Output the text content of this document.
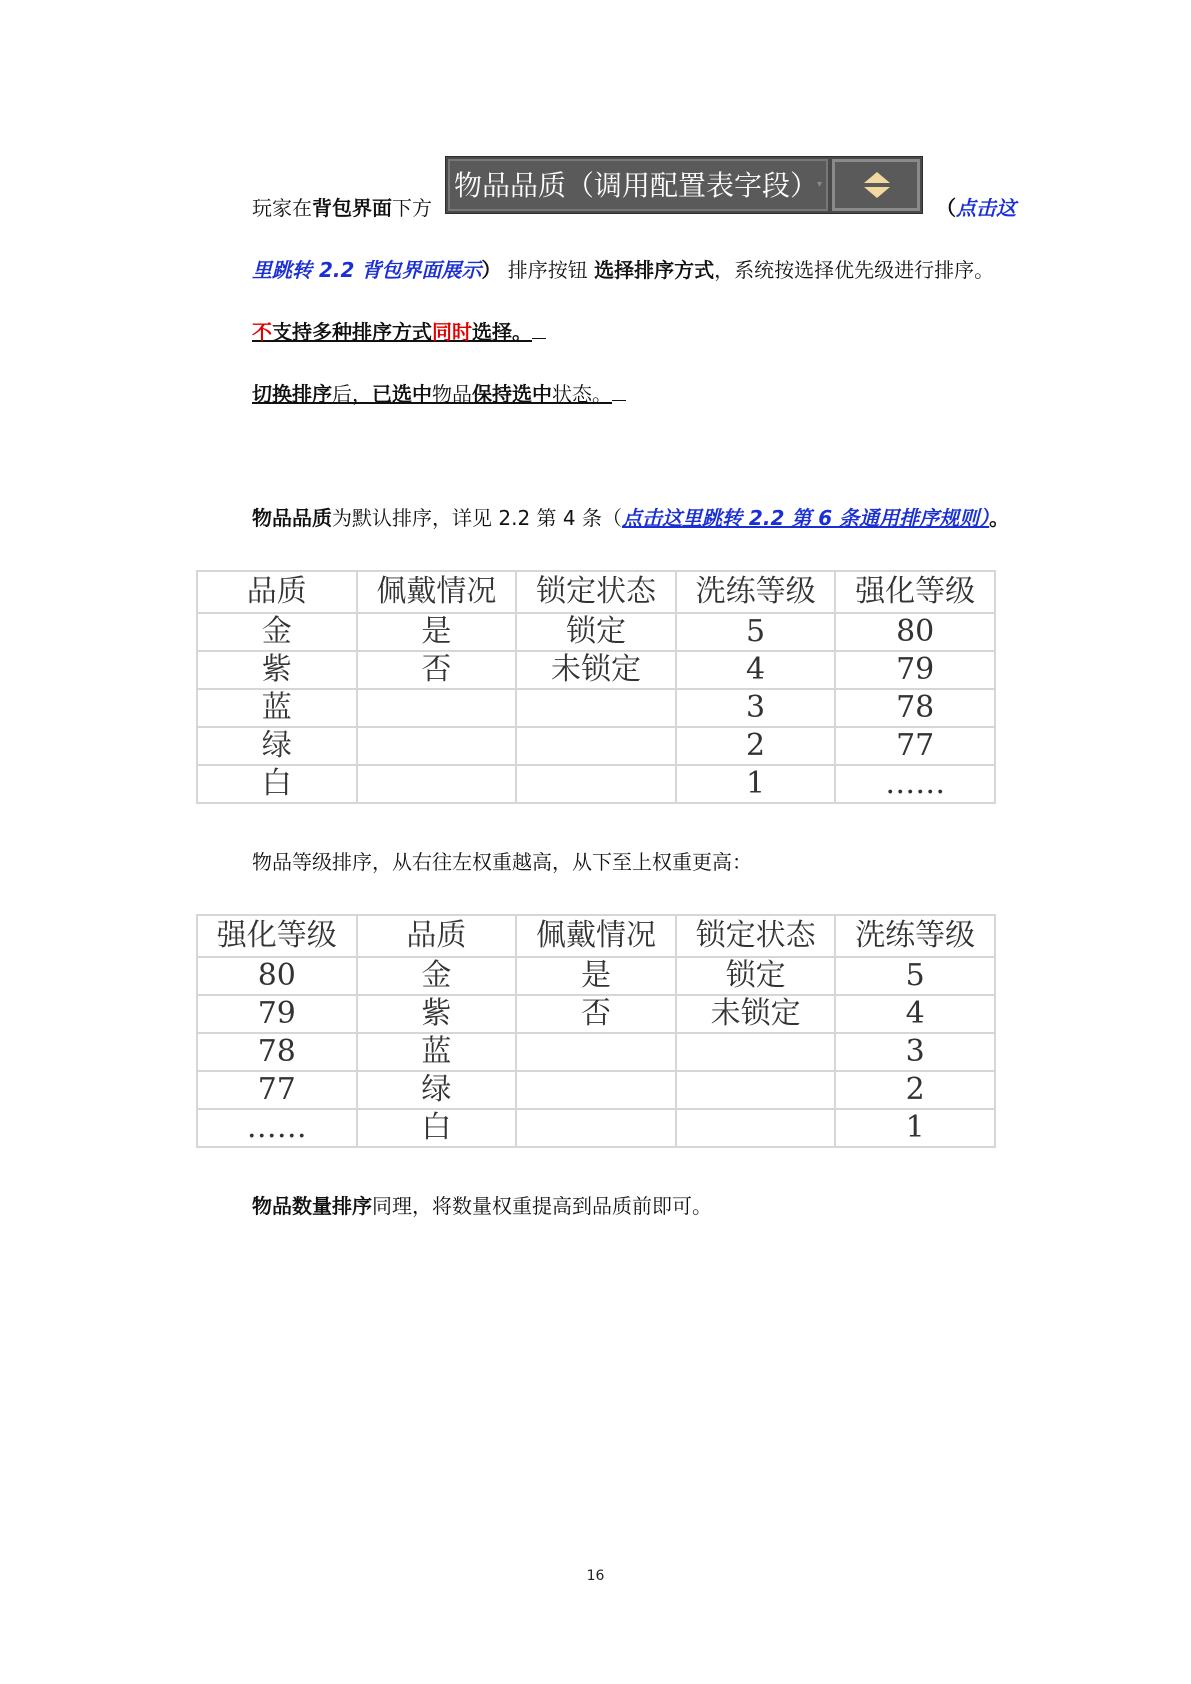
玩家在背包界面下方
物品品质（调用配置表字段）
▾
（点击这
里跳转 2.2 背包界面展示） 排序按钮 选择排序方式，系统按选择优先级进行排序。
不支持多种排序方式同时选择。
切换排序后，已选中物品保持选中状态。
物品品质为默认排序，详见 2.2 第 4 条（点击这里跳转 2.2 第 6 条通用排序规则）。
品质	佩戴情况	锁定状态	洗练等级	强化等级
金	是	锁定	5	80
紫	否	未锁定	4	79
蓝			3	78
绿			2	77
白			1	……
物品等级排序，从右往左权重越高，从下至上权重更高：
强化等级	品质	佩戴情况	锁定状态	洗练等级
80	金	是	锁定	5
79	紫	否	未锁定	4
78	蓝			3
77	绿			2
……	白			1
物品数量排序同理，将数量权重提高到品质前即可。
16
